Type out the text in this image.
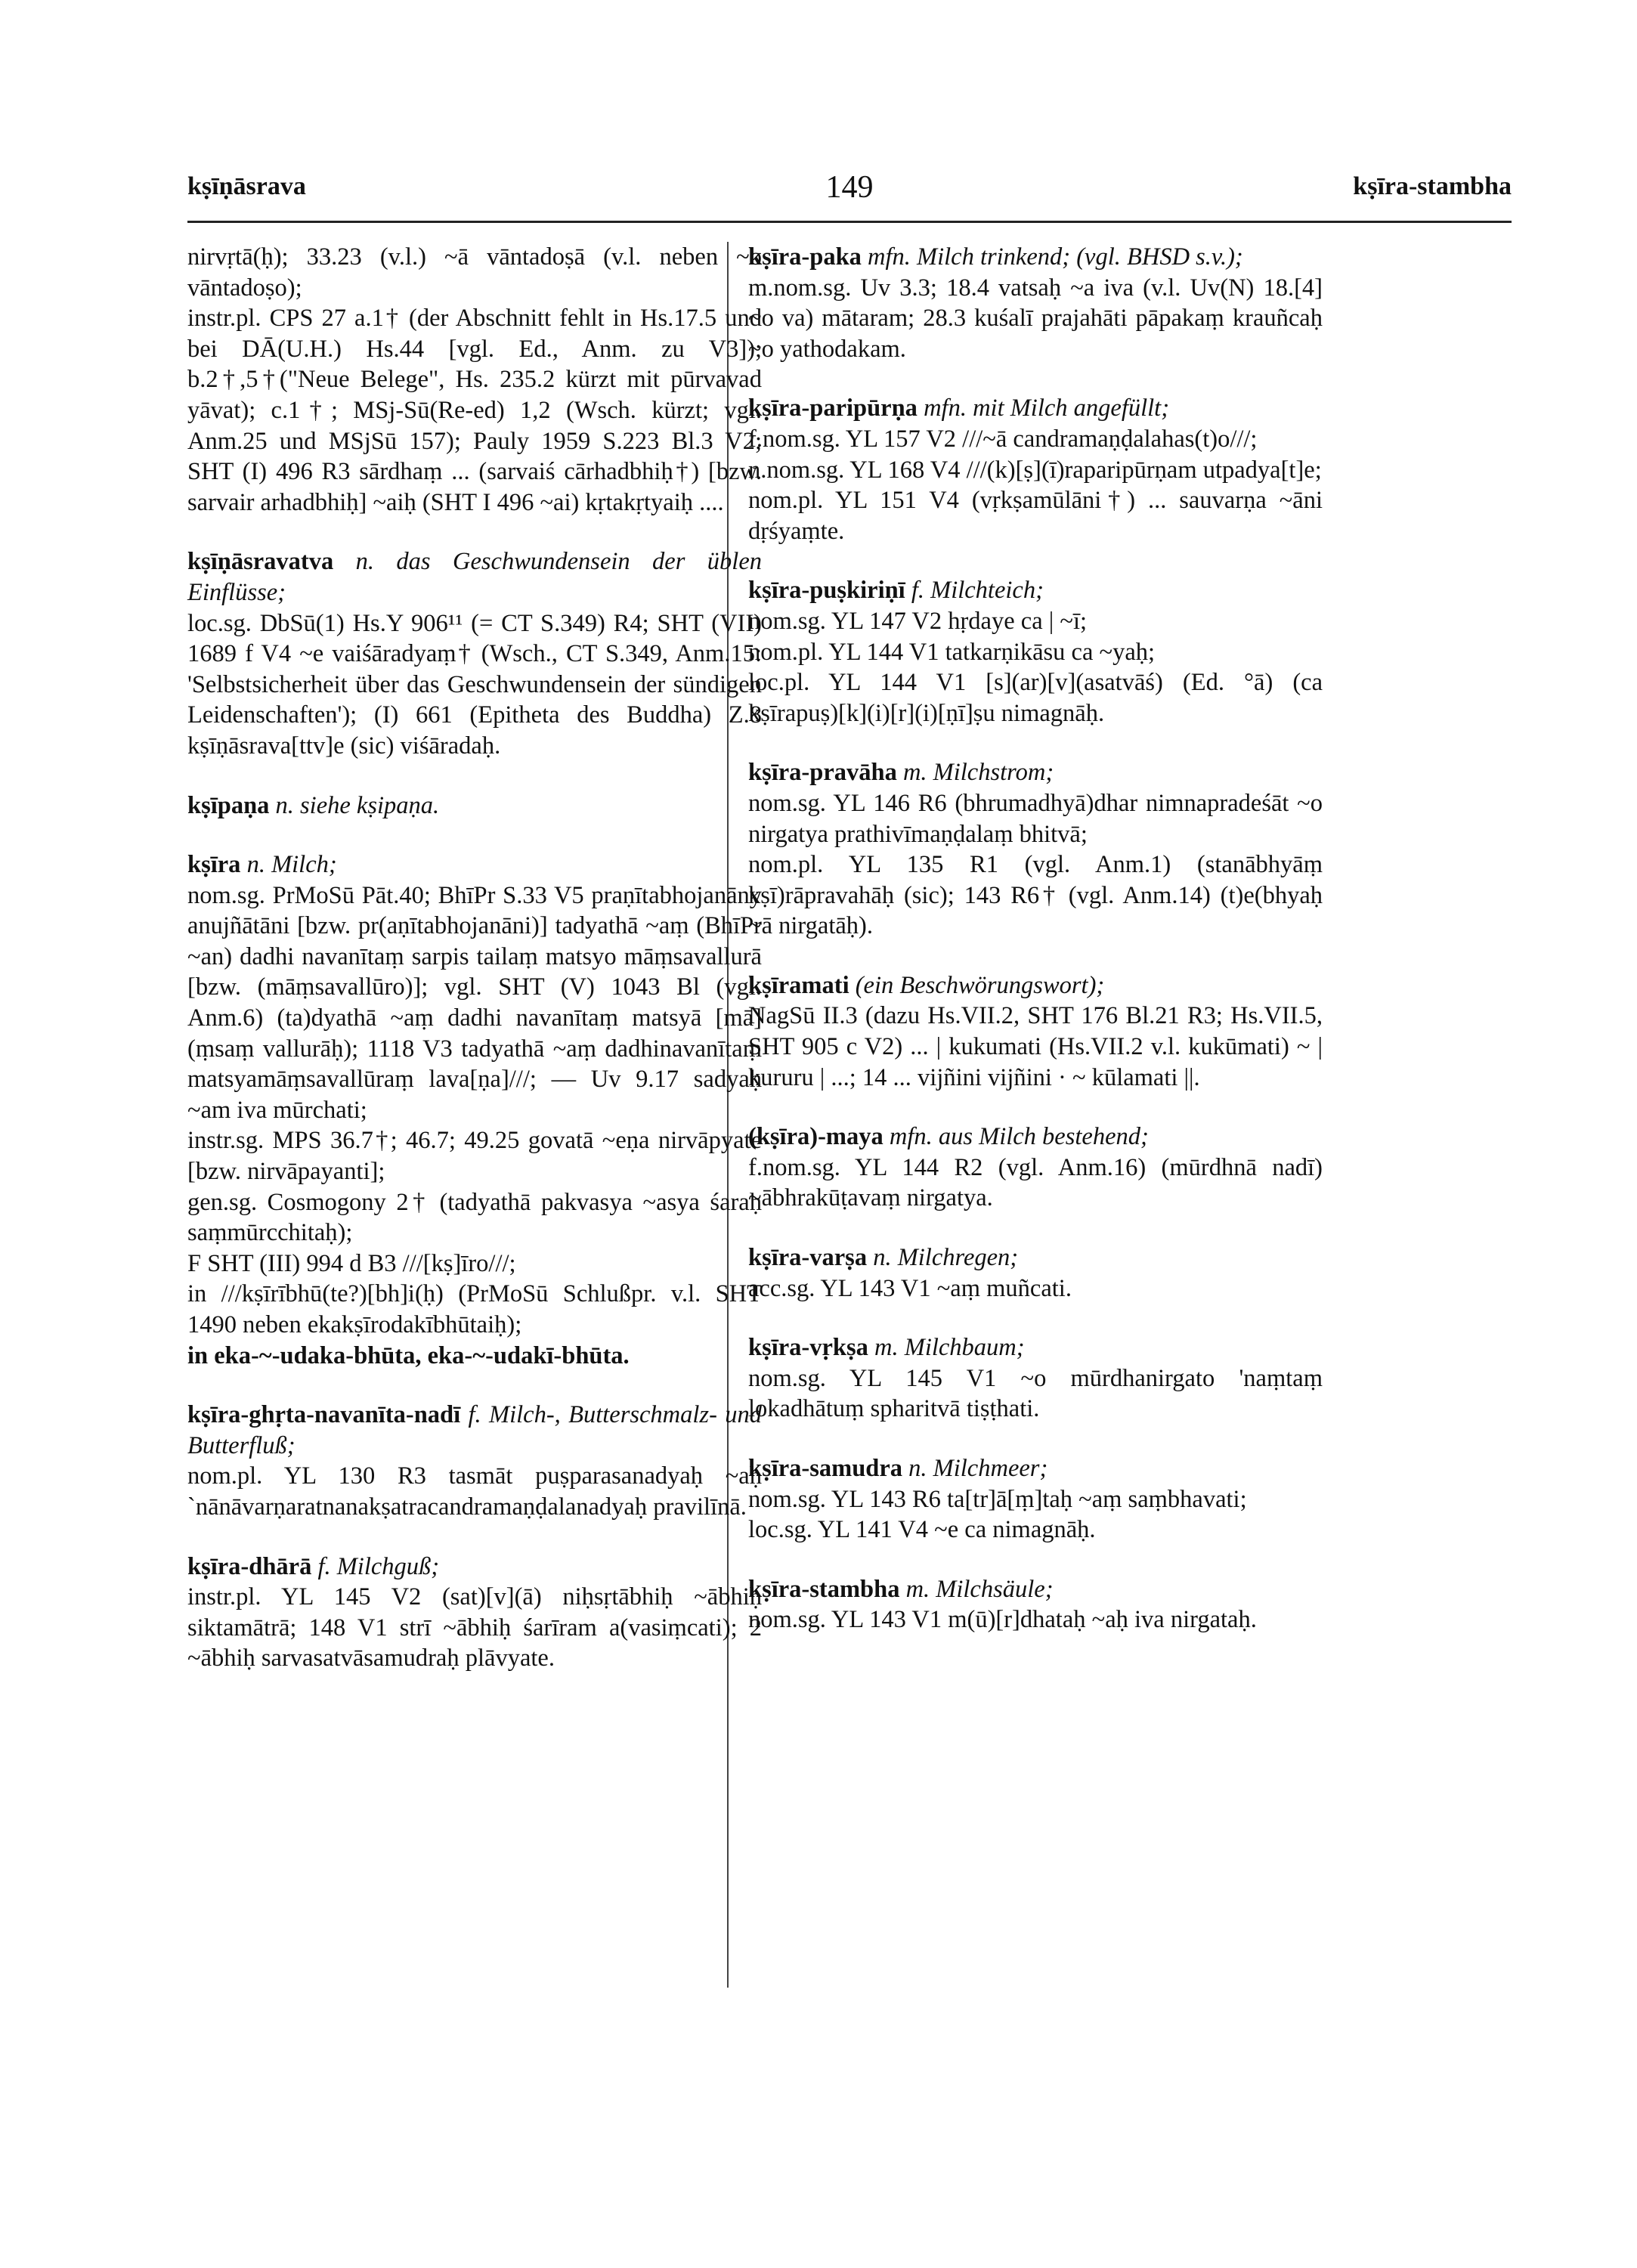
kṣīṇāsrava	149	kṣīra-stambha

nirvṛtā(ḥ); 33.23 (v.l.) ~ā vāntadoṣā (v.l. neben ~o vāntadoṣo);

instr.pl. CPS 27 a.1† (der Abschnitt fehlt in Hs.17.5 und bei DĀ(U.H.) Hs.44 [vgl. Ed., Anm. zu V3]); b.2†,5†("Neue Belege", Hs. 235.2 kürzt mit pūrvavad yāvat); c.1†; MSj-Sū(Re-ed) 1,2 (Wsch. kürzt; vgl. Anm.25 und MSjSū 157); Pauly 1959 S.223 Bl.3 V2; SHT (I) 496 R3 sārdhaṃ ... (sarvaiś cārhadbhiḥ†) [bzw. sarvair arhadbhiḥ] ~aiḥ (SHT I 496 ~ai) kṛtakṛtyaiḥ ....

kṣīṇāsravatva n. das Geschwundensein der üblen Einflüsse;

loc.sg. DbSū(1) Hs.Y 906¹¹ (= CT S.349) R4; SHT (VII) 1689 f V4 ~e vaiśāradyaṃ† (Wsch., CT S.349, Anm.15: 'Selbstsicherheit über das Geschwundensein der sündigen Leidenschaften'); (I) 661 (Epitheta des Buddha) Z.8 kṣīṇāsrava[ttv]e (sic) viśāradaḥ.

kṣīpaṇa n. siehe kṣipaṇa.

kṣīra n. Milch;

nom.sg. PrMoSū Pāt.40; BhīPr S.33 V5 praṇītabhojanāny anujñātāni [bzw. pr(aṇītabhojanāni)] tadyathā ~aṃ (BhīPr ~an) dadhi navanītaṃ sarpis tailaṃ matsyo māṃsavallurā [bzw. (māṃsavallūro)]; vgl. SHT (V) 1043 Bl (vgl. Anm.6) (ta)dyathā ~aṃ dadhi navanītaṃ matsyā [mā](ṃsaṃ vallurāḥ); 1118 V3 tadyathā ~aṃ dadhinavanītaṃ matsyamāṃsavallūraṃ lava[ṇa]///; — Uv 9.17 sadyaḥ ~am iva mūrchati;

instr.sg. MPS 36.7†; 46.7; 49.25 govatā ~eṇa nirvāpyate [bzw. nirvāpayanti];

gen.sg. Cosmogony 2† (tadyathā pakvasya ~asya śaraḥ saṃmūrcchitaḥ);

F SHT (III) 994 d B3 ///[kṣ]īro///;

in ///kṣīrībhū(te?)[bh]i(ḥ) (PrMoSū Schlußpr. v.l. SHT 1490 neben ekakṣīrodakībhūtaiḥ);

in eka-~-udaka-bhūta, eka-~-udakī-bhūta.

kṣīra-ghṛta-navanīta-nadī f. Milch-, Butterschmalz- und Butterfluß;

nom.pl. YL 130 R3 tasmāt puṣparasanadyaḥ ~aḥ `nānāvarṇaratnanakṣatracandramaṇḍalanadyaḥ pravilīnā.

kṣīra-dhārā f. Milchguß;

instr.pl. YL 145 V2 (sat)[v](ā) niḥsṛtābhiḥ ~ābhiḥ siktamātrā; 148 V1 strī ~ābhiḥ śarīram a(vasiṃcati); 2 ~ābhiḥ sarvasatvāsamudraḥ plāvyate.

kṣīra-paka mfn. Milch trinkend; (vgl. BHSD s.v.);

m.nom.sg. Uv 3.3; 18.4 vatsaḥ ~a iva (v.l. Uv(N) 18.[4] ~o va) mātaram; 28.3 kuśalī prajahāti pāpakaṃ krauñcaḥ ~o yathodakam.

kṣīra-paripūrṇa mfn. mit Milch angefüllt;

f.nom.sg. YL 157 V2 ///~ā candramaṇḍalahas(t)o///;

n.nom.sg. YL 168 V4 ///(k)[ṣ](ī)raparipūrṇam utpadya[t]e;

nom.pl. YL 151 V4 (vṛkṣamūlāni†) ... sauvarṇa ~āni dṛśyaṃte.

kṣīra-puṣkiriṇī f. Milchteich;

nom.sg. YL 147 V2 hṛdaye ca | ~ī;

nom.pl. YL 144 V1 tatkarṇikāsu ca ~yaḥ;

loc.pl. YL 144 V1 [s](ar)[v](asatvāś) (Ed. °ā) (ca kṣīrapuṣ)[k](i)[r](i)[ṇī]ṣu nimagnāḥ.

kṣīra-pravāha m. Milchstrom;

nom.sg. YL 146 R6 (bhrumadhyā)dhar nimnapradeśāt ~o nirgatya prathivīmaṇḍalaṃ bhitvā;

nom.pl. YL 135 R1 (vgl. Anm.1) (stanābhyāṃ kṣī)rāpravahāḥ (sic); 143 R6† (vgl. Anm.14) (t)e(bhyaḥ ~ā nirgatāḥ).

kṣīramati (ein Beschwörungswort);

NagSū II.3 (dazu Hs.VII.2, SHT 176 Bl.21 R3; Hs.VII.5, SHT 905 c V2) ... | kukumati (Hs.VII.2 v.l. kukūmati) ~ | kururu | ...; 14 ... vijñini vijñini · ~ kūlamati ||.

(kṣīra)-maya mfn. aus Milch bestehend;

f.nom.sg. YL 144 R2 (vgl. Anm.16) (mūrdhnā nadī) ~ābhrakūṭavaṃ nirgatya.

kṣīra-varṣa n. Milchregen;

acc.sg. YL 143 V1 ~aṃ muñcati.

kṣīra-vṛkṣa m. Milchbaum;

nom.sg. YL 145 V1 ~o mūrdhanirgato 'naṃtaṃ lokadhātuṃ spharitvā tiṣṭhati.

kṣīra-samudra n. Milchmeer;

nom.sg. YL 143 R6 ta[tr]ā[ṃ]taḥ ~aṃ saṃbhavati;

loc.sg. YL 141 V4 ~e ca nimagnāḥ.

kṣīra-stambha m. Milchsäule;

nom.sg. YL 143 V1 m(ū)[r]dhataḥ ~aḥ iva nirgataḥ.
